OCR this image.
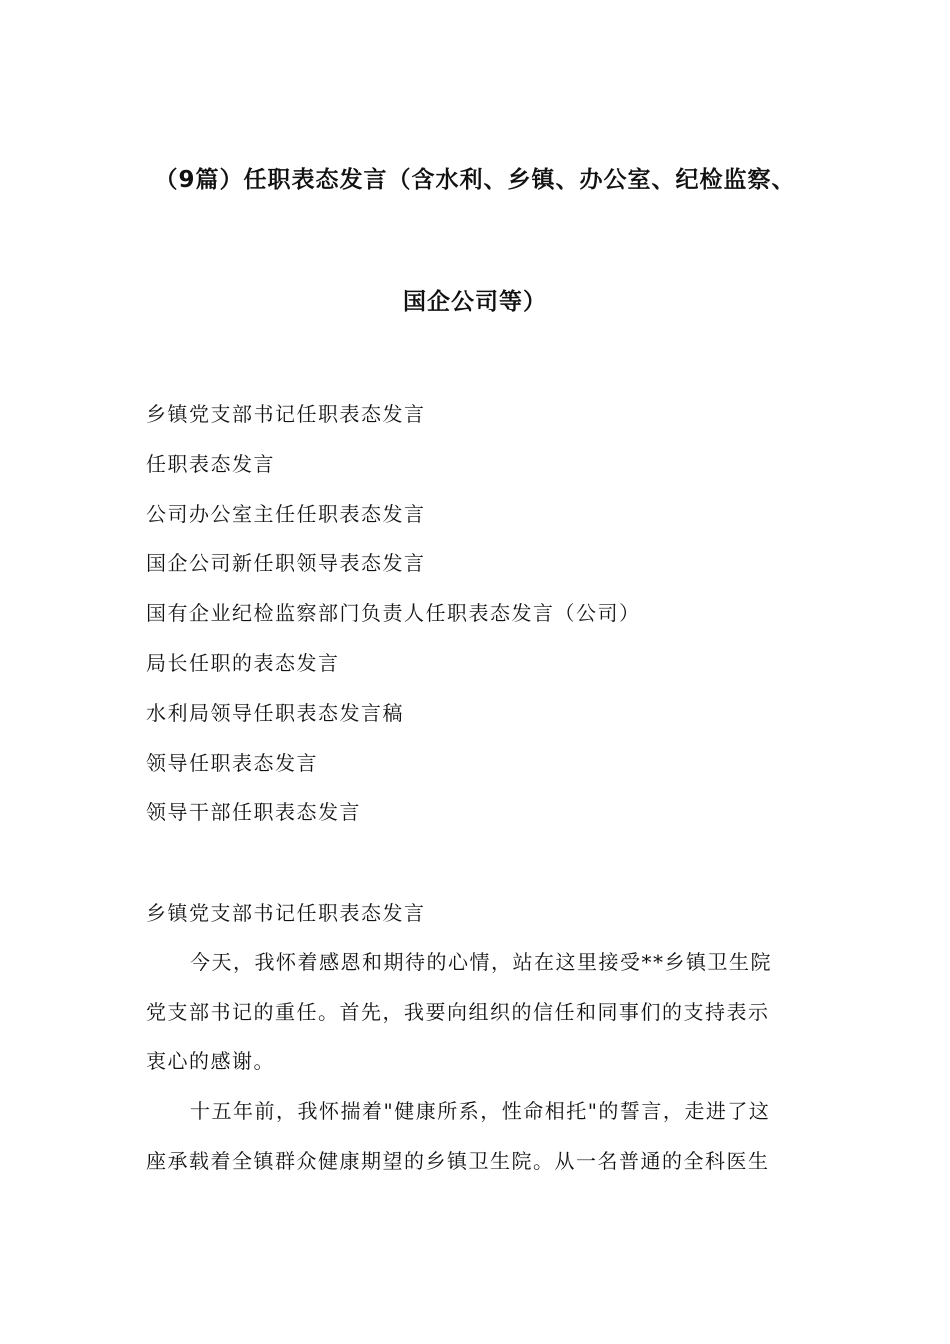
（9篇）任职表态发言（含水利、乡镇、办公室、纪检监察、
国企公司等）
乡镇党支部书记任职表态发言
任职表态发言
公司办公室主任任职表态发言
国企公司新任职领导表态发言
国有企业纪检监察部门负责人任职表态发言（公司）
局长任职的表态发言
水利局领导任职表态发言稿
领导任职表态发言
领导干部任职表态发言
乡镇党支部书记任职表态发言
今天，我怀着感恩和期待的心情，站在这里接受**乡镇卫生院
党支部书记的重任。首先，我要向组织的信任和同事们的支持表示
衷心的感谢。
十五年前，我怀揣着"健康所系，性命相托"的誓言，走进了这
座承载着全镇群众健康期望的乡镇卫生院。从一名普通的全科医生
